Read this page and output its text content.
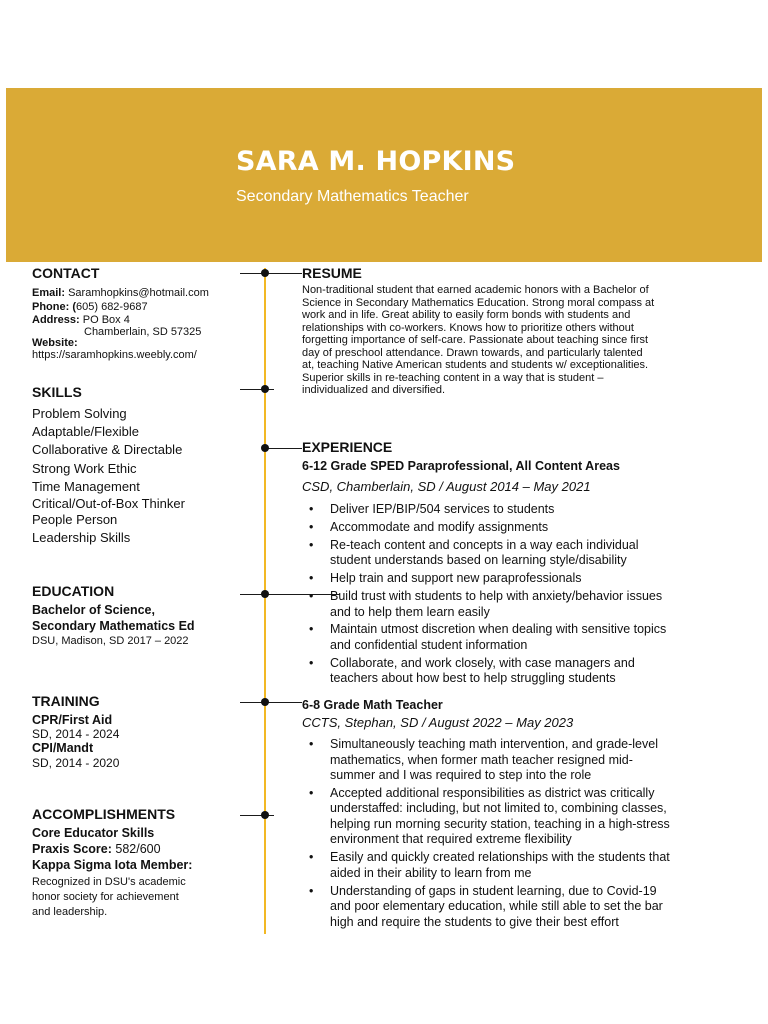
SARA M. HOPKINS
Secondary Mathematics Teacher
CONTACT
Email: Saramhopkins@hotmail.com
Phone: (605) 682-9687
Address: PO Box 4
Chamberlain, SD 57325
Website:
https://saramhopkins.weebly.com/
SKILLS
Problem Solving
Adaptable/Flexible
Collaborative & Directable
Strong Work Ethic
Time Management
Critical/Out-of-Box Thinker
People Person
Leadership Skills
EDUCATION
Bachelor of Science,
Secondary Mathematics Ed
DSU, Madison, SD 2017 – 2022
TRAINING
CPR/First Aid
SD, 2014 - 2024
CPI/Mandt
SD, 2014 - 2020
ACCOMPLISHMENTS
Core Educator Skills
Praxis Score: 582/600
Kappa Sigma Iota Member:
Recognized in DSU's academic
honor society for achievement
and leadership.
RESUME
Non-traditional student that earned academic honors with a Bachelor of
Science in Secondary Mathematics Education. Strong moral compass at
work and in life. Great ability to easily form bonds with students and
relationships with co-workers. Knows how to prioritize others without
forgetting importance of self-care. Passionate about teaching since first
day of preschool attendance. Drawn towards, and particularly talented
at, teaching Native American students and students w/ exceptionalities.
Superior skills in re-teaching content in a way that is student –
individualized and diversified.
EXPERIENCE
6-12 Grade SPED Paraprofessional, All Content Areas
CSD, Chamberlain, SD / August 2014 – May 2021
• Deliver IEP/BIP/504 services to students
• Accommodate and modify assignments
• Re-teach content and concepts in a way each individual
student understands based on learning style/disability
• Help train and support new paraprofessionals
• Build trust with students to help with anxiety/behavior issues
and to help them learn easily
• Maintain utmost discretion when dealing with sensitive topics
and confidential student information
• Collaborate, and work closely, with case managers and
teachers about how best to help struggling students
6-8 Grade Math Teacher
CCTS, Stephan, SD / August 2022 – May 2023
• Simultaneously teaching math intervention, and grade-level
mathematics, when former math teacher resigned mid-
summer and I was required to step into the role
• Accepted additional responsibilities as district was critically
understaffed: including, but not limited to, combining classes,
helping run morning security station, teaching in a high-stress
environment that required extreme flexibility
• Easily and quickly created relationships with the students that
aided in their ability to learn from me
• Understanding of gaps in student learning, due to Covid-19
and poor elementary education, while still able to set the bar
high and require the students to give their best effort
